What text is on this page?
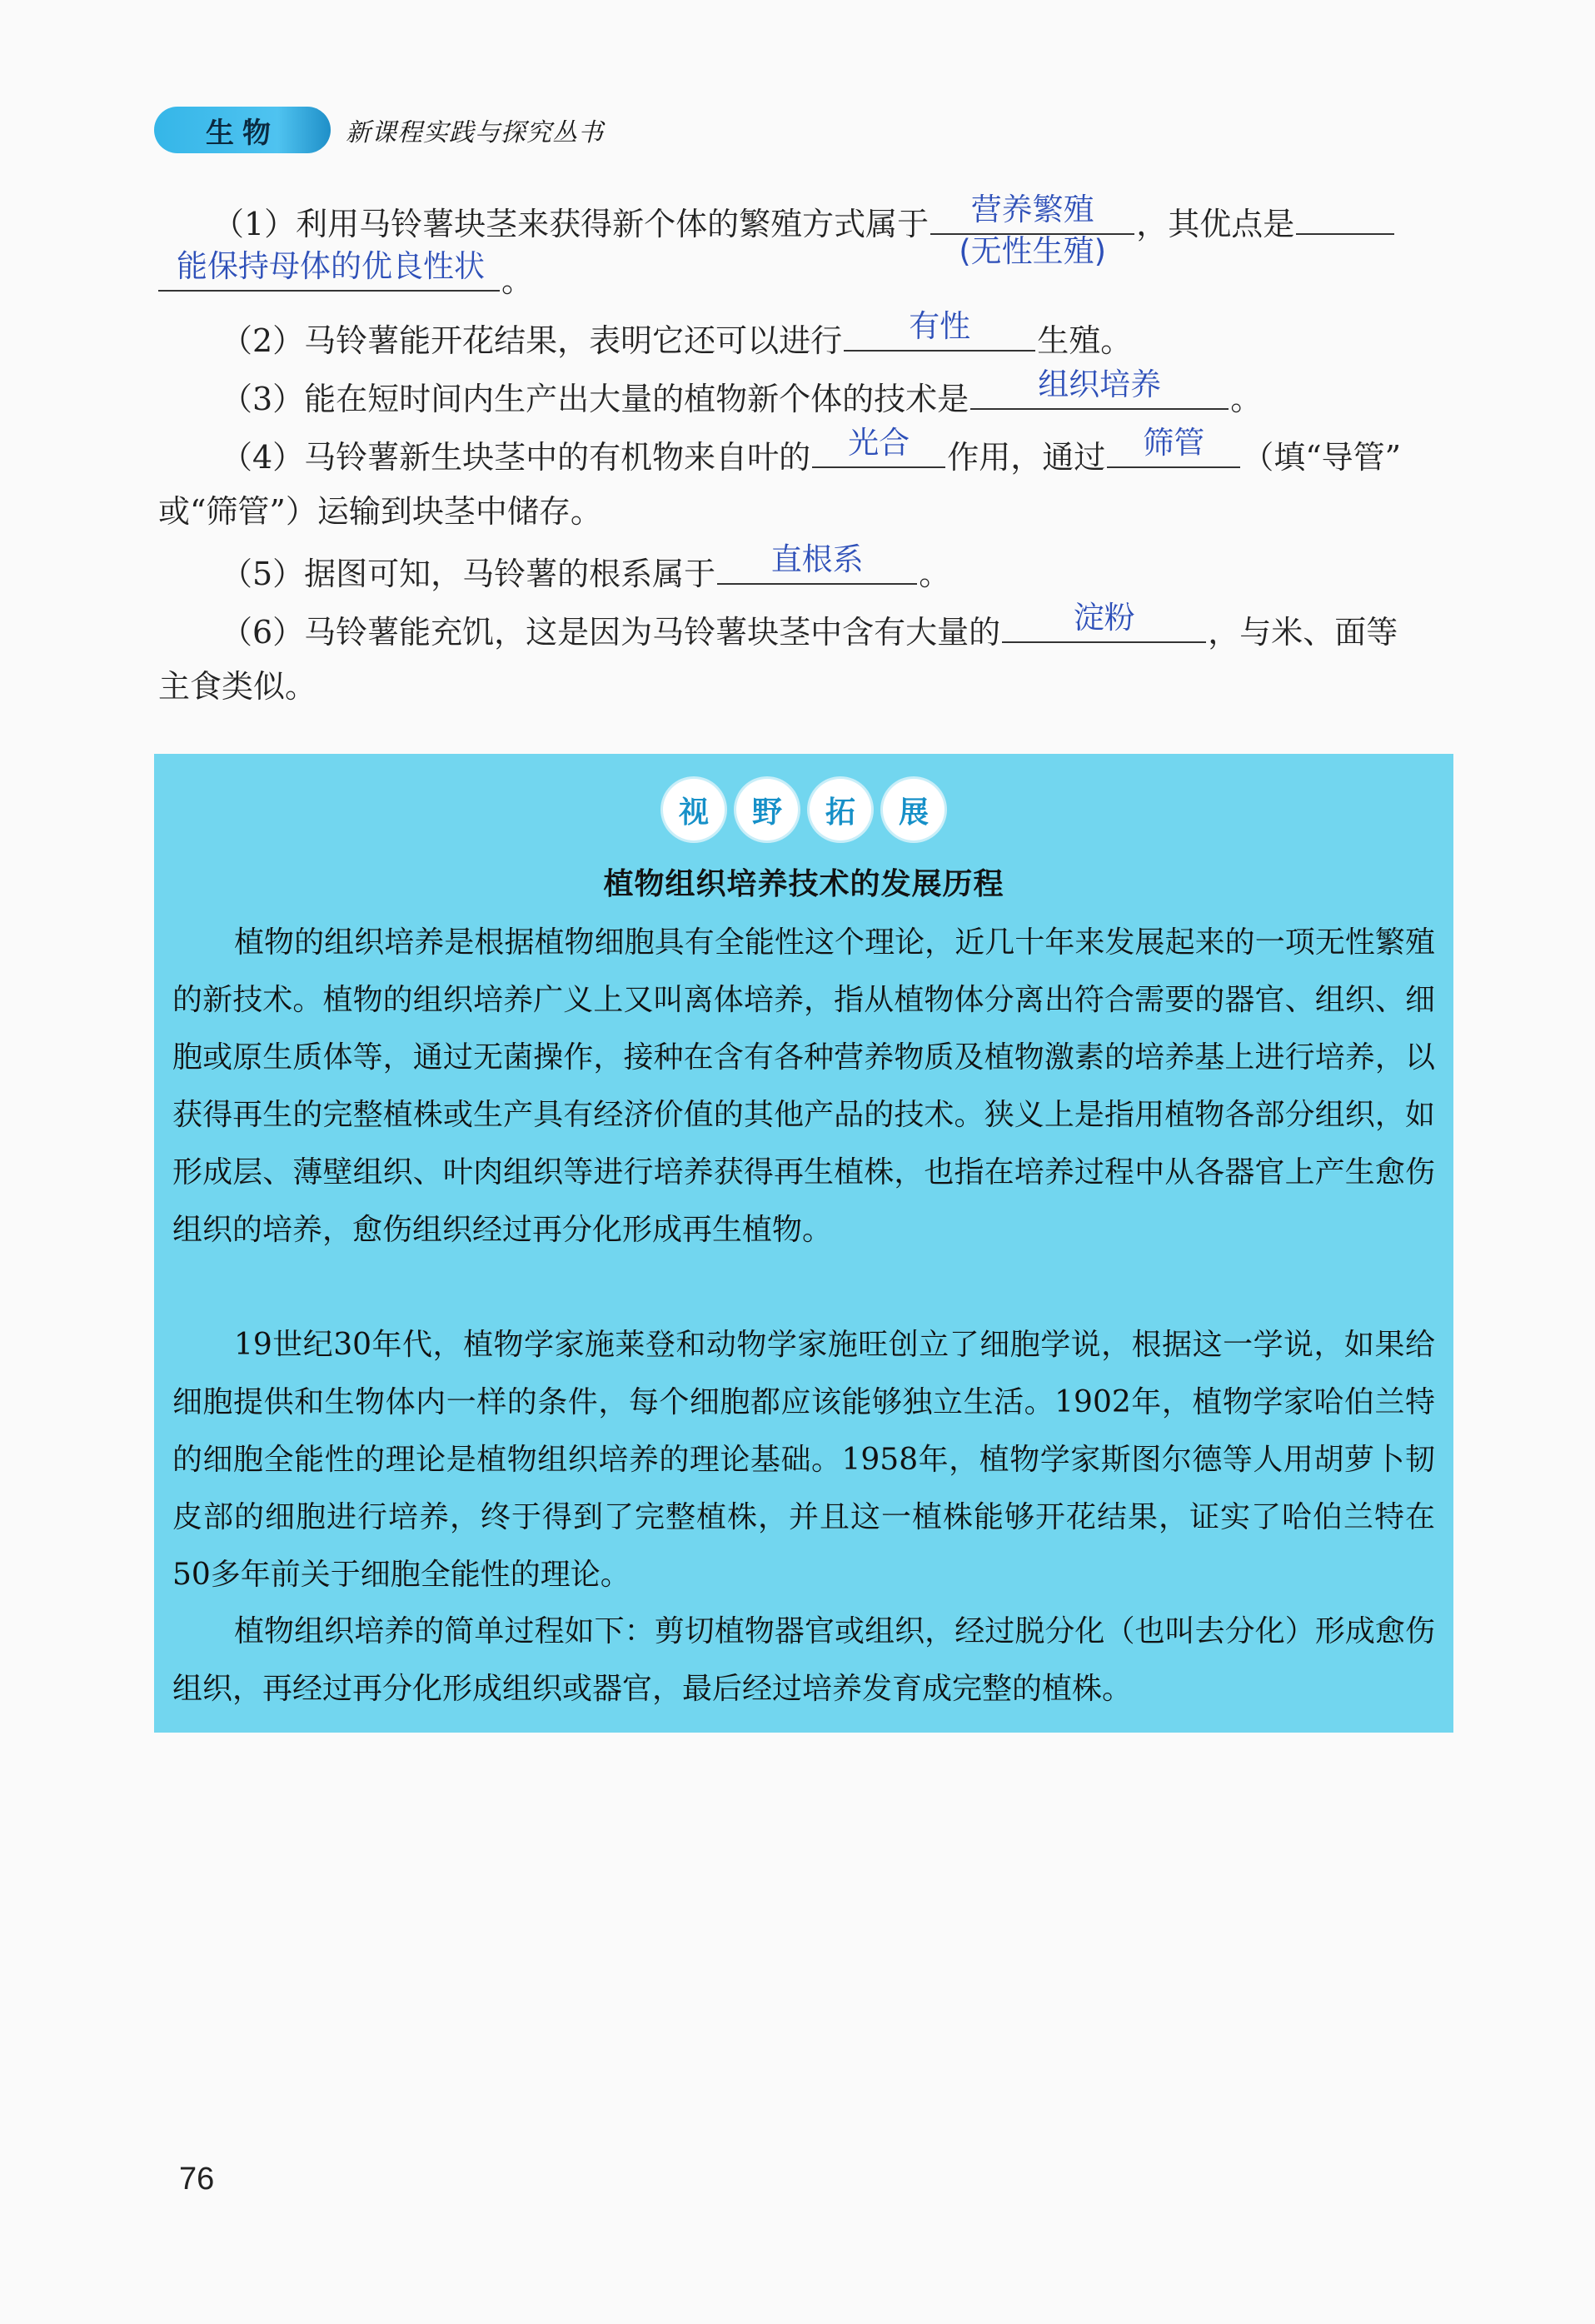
生物	新课程实践与探究丛书
（1）利用马铃薯块茎来获得新个体的繁殖方式属于	营养繁殖
(无性生殖)
，其优点是
能保持母体的优良性状 。
（2）马铃薯能开花结果，表明它还可以进行	有性	生殖。
（3）能在短时间内生产出大量的植物新个体的技术是	组织培养	。
（4）马铃薯新生块茎中的有机物来自叶的	光合	作用，通过	筛管	（填“导管”
或“筛管”）运输到块茎中储存。
（5）据图可知，马铃薯的根系属于	直根系	。
（6）马铃薯能充饥，这是因为马铃薯块茎中含有大量的	淀粉	，与米、面等
主食类似。
视 野 拓 展
植物组织培养技术的发展历程
植物的组织培养是根据植物细胞具有全能性这个理论，近几十年来发展起来的一项无性繁殖的新技术。植物的组织培养广义上又叫离体培养，指从植物体分离出符合需要的器官、组织、细胞或原生质体等，通过无菌操作，接种在含有各种营养物质及植物激素的培养基上进行培养，以获得再生的完整植株或生产具有经济价值的其他产品的技术。狭义上是指用植物各部分组织，如形成层、薄壁组织、叶肉组织等进行培养获得再生植株，也指在培养过程中从各器官上产生愈伤组织的培养，愈伤组织经过再分化形成再生植物。
19世纪30年代，植物学家施莱登和动物学家施旺创立了细胞学说，根据这一学说，如果给细胞提供和生物体内一样的条件，每个细胞都应该能够独立生活。1902年，植物学家哈伯兰特的细胞全能性的理论是植物组织培养的理论基础。1958年，植物学家斯图尔德等人用胡萝卜韧皮部的细胞进行培养，终于得到了完整植株，并且这一植株能够开花结果，证实了哈伯兰特在50多年前关于细胞全能性的理论。
植物组织培养的简单过程如下：剪切植物器官或组织，经过脱分化（也叫去分化）形成愈伤组织，再经过再分化形成组织或器官，最后经过培养发育成完整的植株。
76
